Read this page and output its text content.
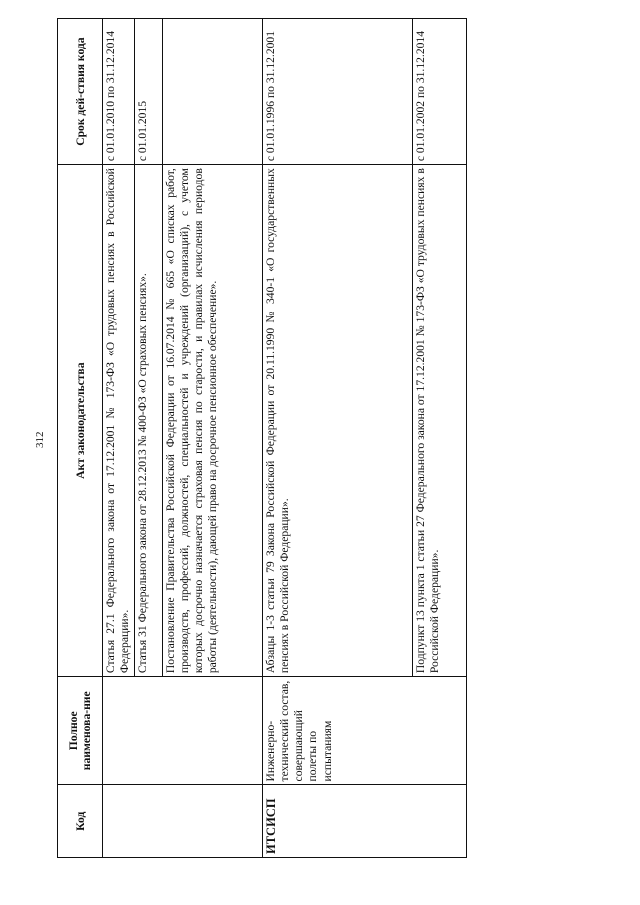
312
Код	Полное наименова-ние	Акт законодательства	Срок дей-ствия кода
		Статья 27.1 Федерального закона от 17.12.2001 № 173-ФЗ «О трудовых пенсиях в Российской Федерации».	с 01.01.2010 по 31.12.2014
		Статья 31 Федерального закона от 28.12.2013 № 400-ФЗ «О страховых пенсиях».	с 01.01.2015
		Постановление Правительства Российской Федерации от 16.07.2014 № 665 «О списках работ, производств, профессий, должностей, специальностей и учреждений (организаций), с учетом которых досрочно назначается страховая пенсия по старости, и правилах исчисления периодов работы (деятельности), дающей право на досрочное пенсионное обеспечение».	
ИТСИСП	Инженерно-технический состав, совершающий полеты по испытаниям	Абзацы 1-3 статьи 79 Закона Российской Федерации от 20.11.1990 № 340-1 «О государственных пенсиях в Российской Федерации».	с 01.01.1996 по 31.12.2001
		Подпункт 13 пункта 1 статьи 27 Федерального закона от 17.12.2001 № 173-ФЗ «О трудовых пенсиях в Российской Федерации».	с 01.01.2002 по 31.12.2014
